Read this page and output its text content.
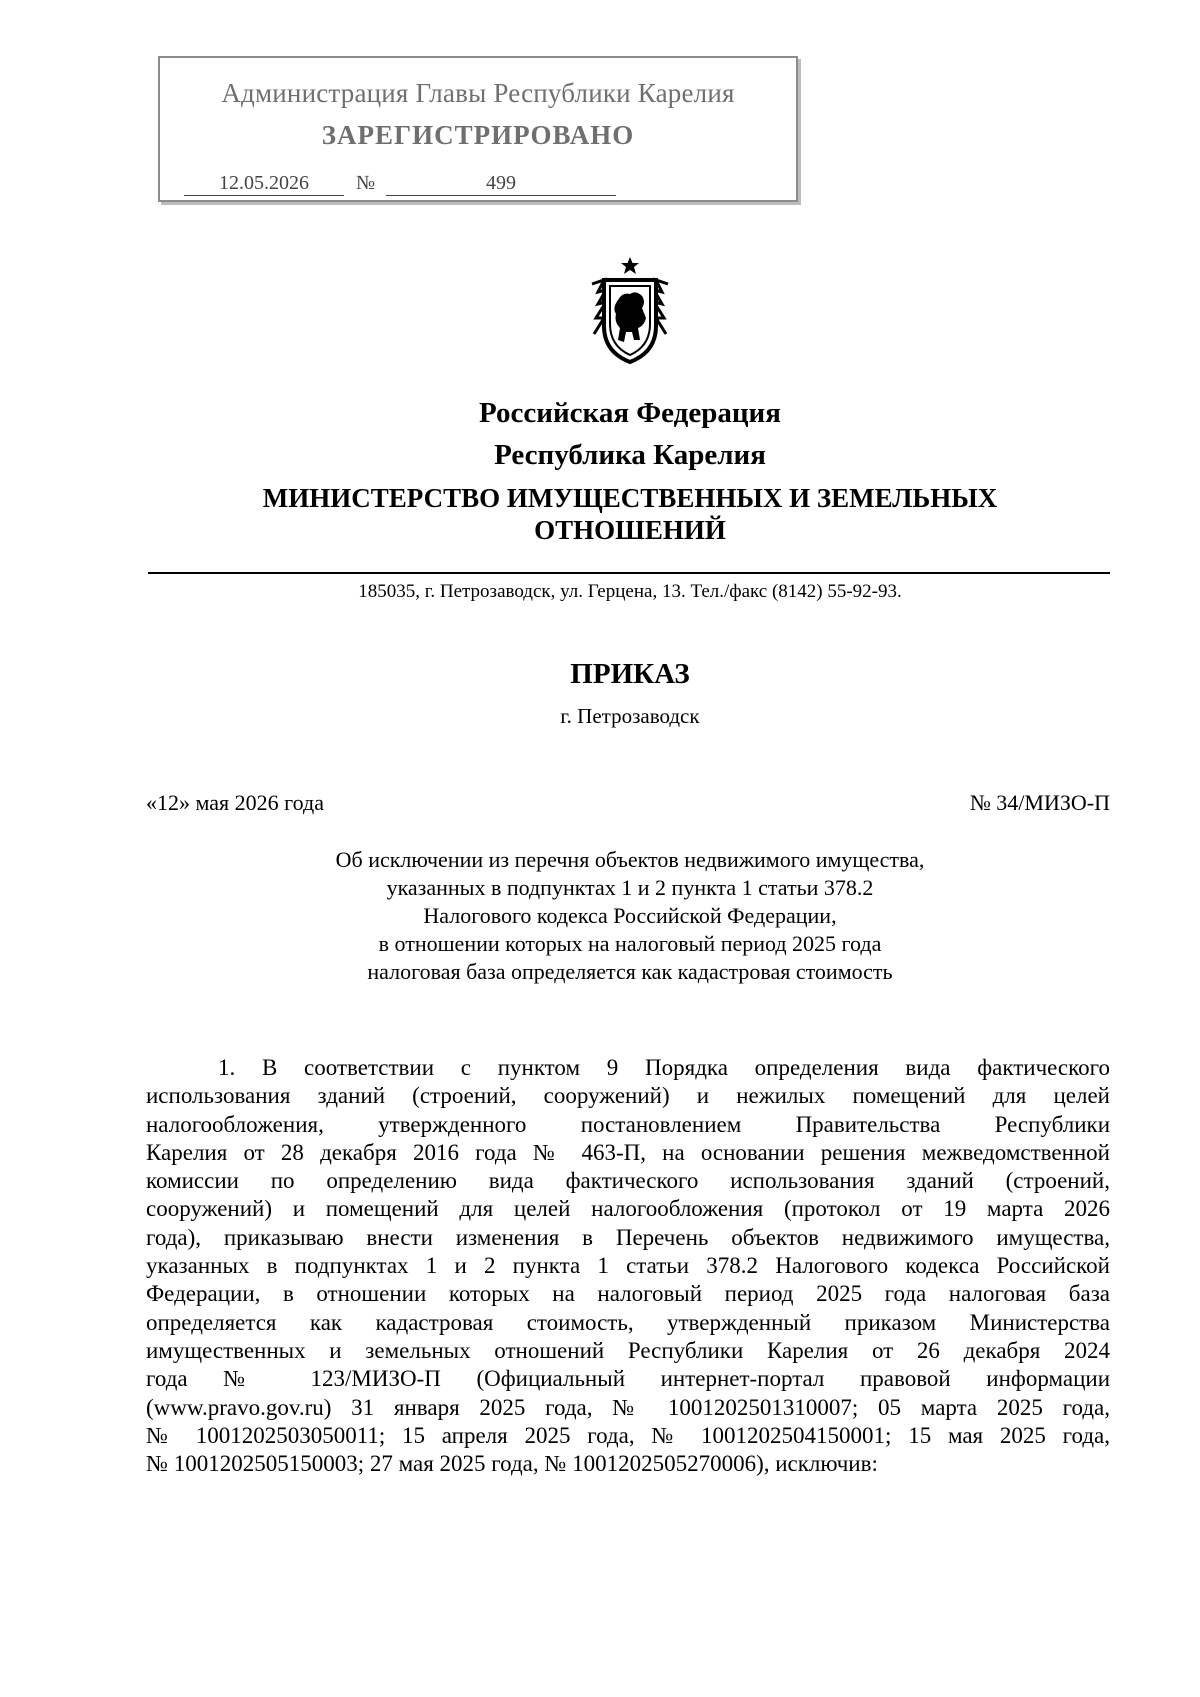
Администрация Главы Республики Карелия
ЗАРЕГИСТРИРОВАНО
12.05.2026	№	499
Российская Федерация
Республика Карелия
МИНИСТЕРСТВО ИМУЩЕСТВЕННЫХ И ЗЕМЕЛЬНЫХ
ОТНОШЕНИЙ
185035, г. Петрозаводск, ул. Герцена, 13. Тел./факс (8142) 55-92-93.
ПРИКАЗ
г. Петрозаводск
«12» мая 2026 года	№ 34/МИЗО-П
Об исключении из перечня объектов недвижимого имущества,
указанных в подпунктах 1 и 2 пункта 1 статьи 378.2
Налогового кодекса Российской Федерации,
в отношении которых на налоговый период 2025 года
налоговая база определяется как кадастровая стоимость
1. В соответствии с пунктом 9 Порядка определения вида фактического
использования зданий (строений, сооружений) и нежилых помещений для целей
налогообложения, утвержденного постановлением Правительства Республики
Карелия от 28 декабря 2016 года № 463-П, на основании решения межведомственной
комиссии по определению вида фактического использования зданий (строений,
сооружений) и помещений для целей налогообложения (протокол от 19 марта 2026
года), приказываю внести изменения в Перечень объектов недвижимого имущества,
указанных в подпунктах 1 и 2 пункта 1 статьи 378.2 Налогового кодекса Российской
Федерации, в отношении которых на налоговый период 2025 года налоговая база
определяется как кадастровая стоимость, утвержденный приказом Министерства
имущественных и земельных отношений Республики Карелия от 26 декабря 2024
года № 123/МИЗО-П (Официальный интернет-портал правовой информации
(www.pravo.gov.ru) 31 января 2025 года, № 1001202501310007; 05 марта 2025 года,
№ 1001202503050011; 15 апреля 2025 года, № 1001202504150001; 15 мая 2025 года,
№ 1001202505150003; 27 мая 2025 года, № 1001202505270006), исключив:
